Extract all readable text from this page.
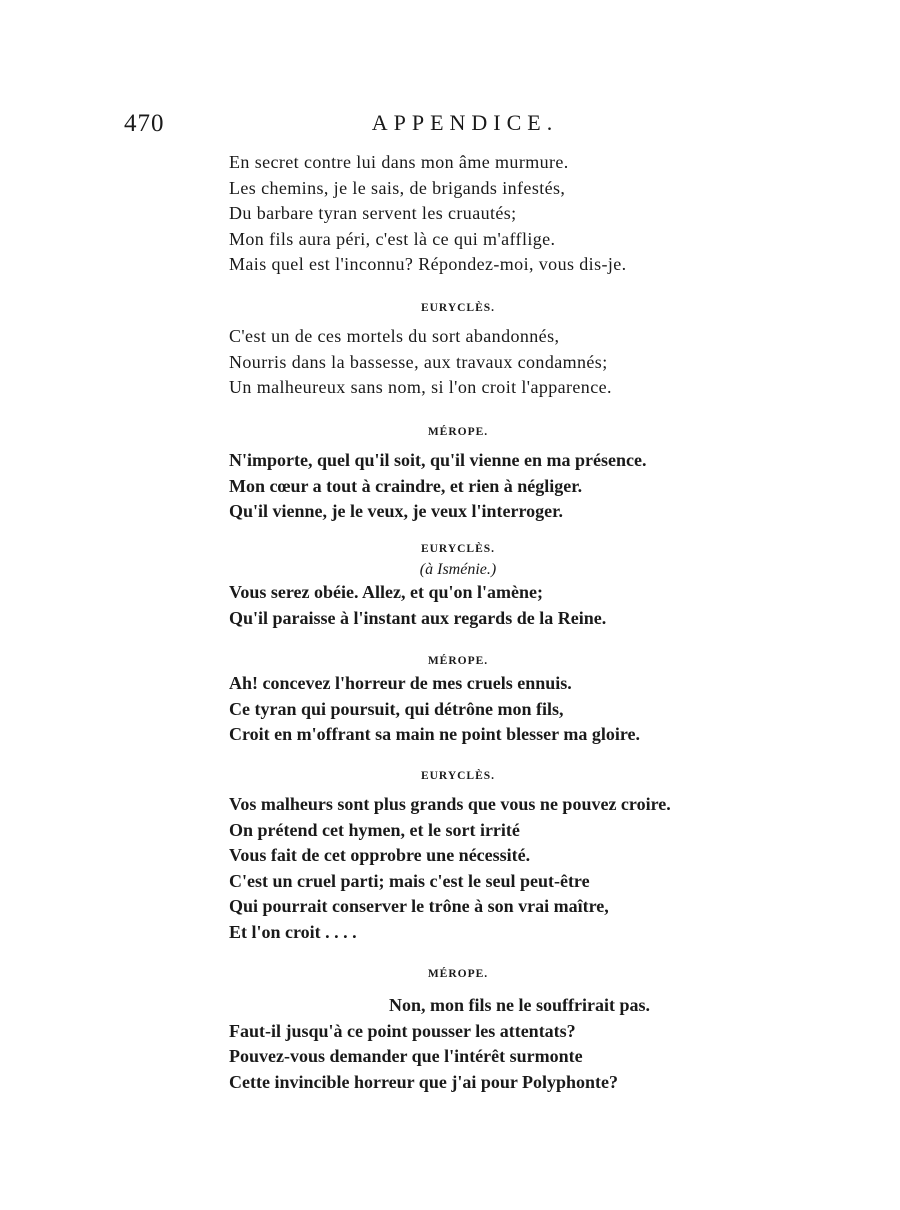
470	APPENDICE.
En secret contre lui dans mon âme murmure.
Les chemins, je le sais, de brigands infestés,
Du barbare tyran servent les cruautés;
Mon fils aura péri, c'est là ce qui m'afflige.
Mais quel est l'inconnu? Répondez-moi, vous dis-je.
EURYCLÈS.
C'est un de ces mortels du sort abandonnés,
Nourris dans la bassesse, aux travaux condamnés;
Un malheureux sans nom, si l'on croit l'apparence.
MÉROPE.
N'importe, quel qu'il soit, qu'il vienne en ma présence.
Mon cœur a tout à craindre, et rien à négliger.
Qu'il vienne, je le veux, je veux l'interroger.
EURYCLÈS.
(à Isménie.)
Vous serez obéie. Allez, et qu'on l'amène;
Qu'il paraisse à l'instant aux regards de la Reine.
MÉROPE.
Ah! concevez l'horreur de mes cruels ennuis.
Ce tyran qui poursuit, qui détrône mon fils,
Croit en m'offrant sa main ne point blesser ma gloire.
EURYCLÈS.
Vos malheurs sont plus grands que vous ne pouvez croire.
On prétend cet hymen, et le sort irrité
Vous fait de cet opprobre une nécessité.
C'est un cruel parti; mais c'est le seul peut-être
Qui pourrait conserver le trône à son vrai maître,
Et l'on croit . . . .
MÉROPE.
Non, mon fils ne le souffrirait pas.
Faut-il jusqu'à ce point pousser les attentats?
Pouvez-vous demander que l'intérêt surmonte
Cette invincible horreur que j'ai pour Polyphonte?
